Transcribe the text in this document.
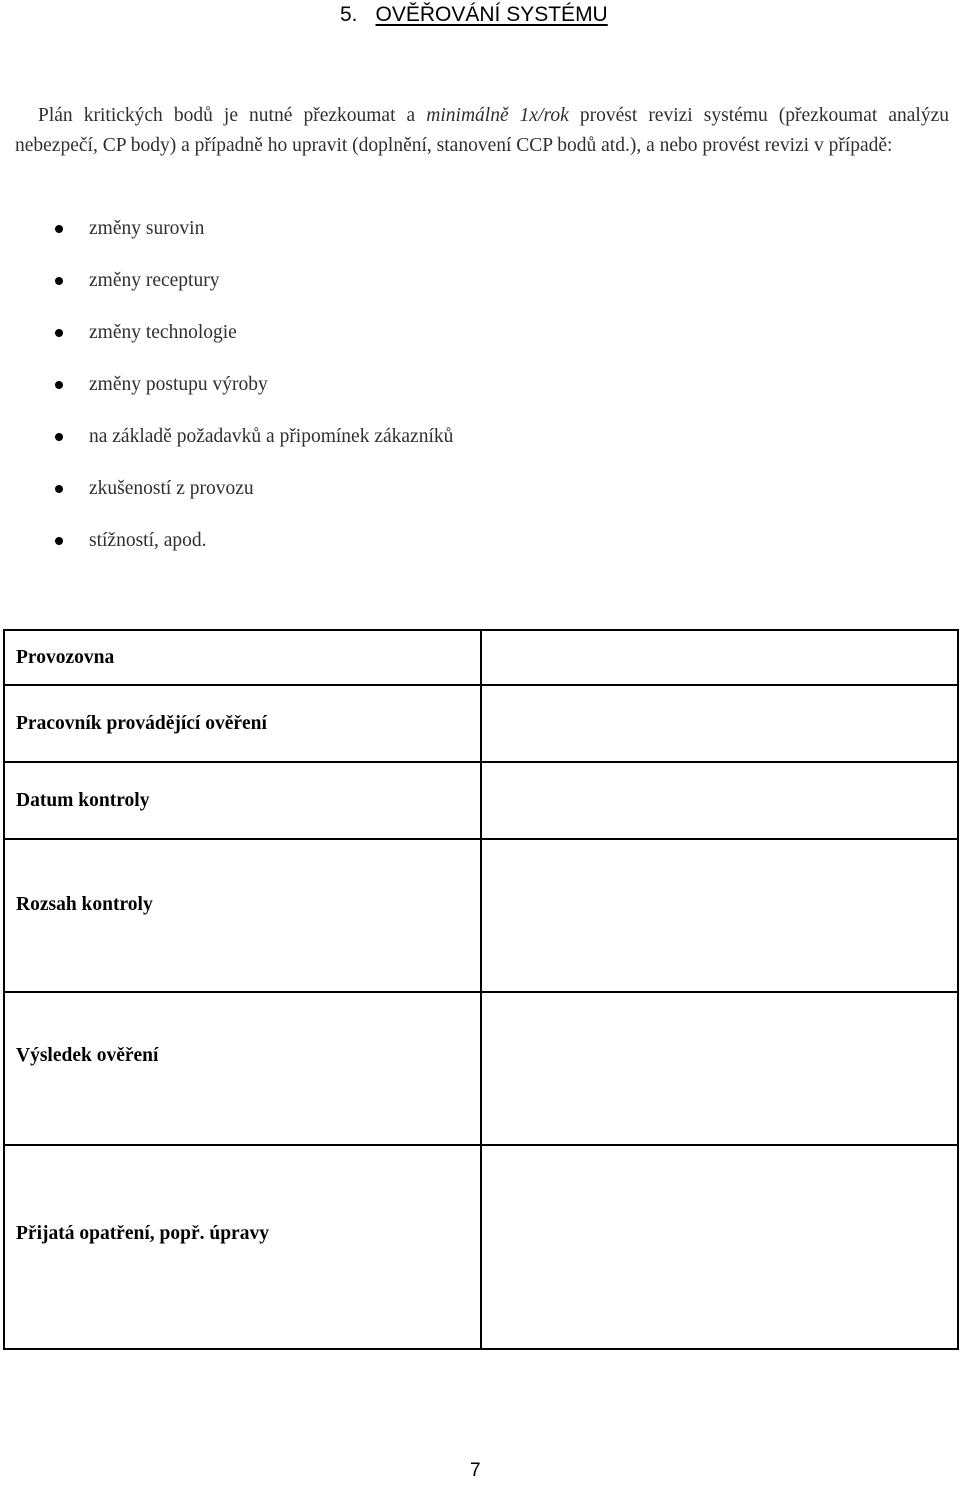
5. OVĚŘOVÁNÍ SYSTÉMU
Plán kritických bodů je nutné přezkoumat a minimálně 1x/rok provést revizi systému (přezkoumat analýzu nebezpečí, CP body) a případně ho upravit (doplnění, stanovení CCP bodů atd.), a nebo provést revizi v případě:
změny surovin
změny receptury
změny technologie
změny postupu výroby
na základě požadavků a připomínek zákazníků
zkušeností z provozu
stížností, apod.
Provozovna	
Pracovník provádějící ověření	
Datum kontroly	
Rozsah kontroly	
Výsledek ověření	
Přijatá opatření, popř. úpravy	
7
